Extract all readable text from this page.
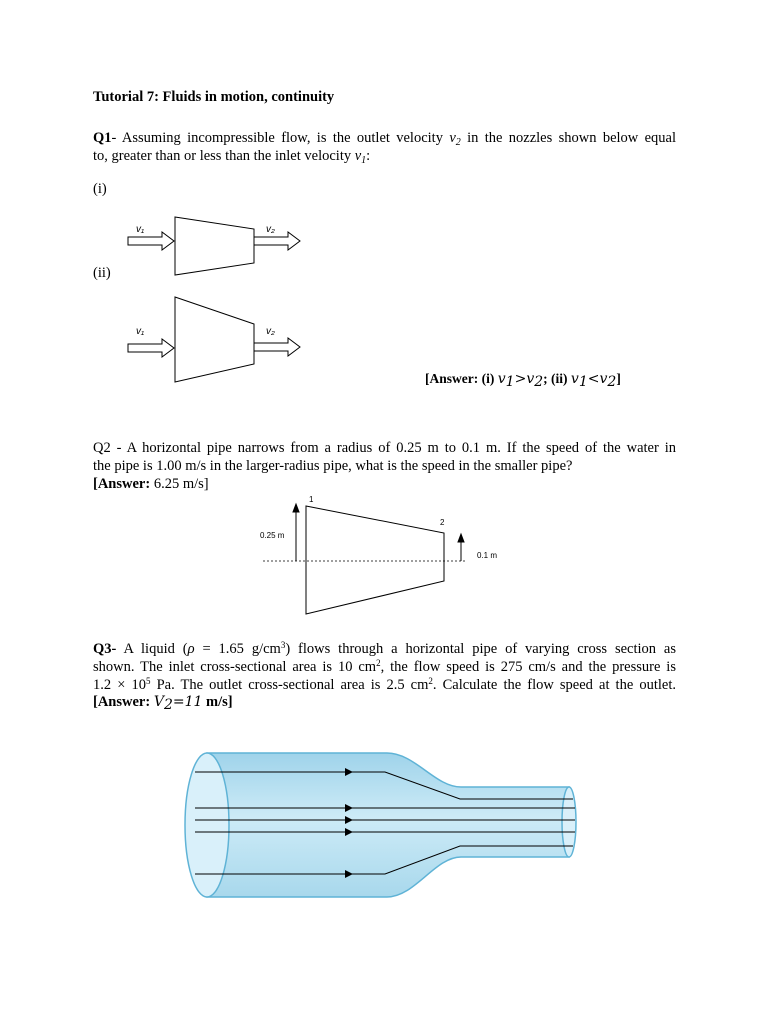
Tutorial 7: Fluids in motion, continuity
Q1- Assuming incompressible flow, is the outlet velocity $v_2$ in the nozzles shown below equal
to, greater than or less than the inlet velocity $v_1$:
(i)
v₁	v₂
(ii)
v₁	v₂
[Answer: (i) $v_1>v_2$; (ii) $v_1<v_2$]
Q2 - A horizontal pipe narrows from a radius of 0.25 m to 0.1 m. If the speed of the water in
the pipe is 1.00 m/s in the larger-radius pipe, what is the speed in the smaller pipe?
[Answer: 6.25 m/s]
1
2
0.25 m
0.1 m
Q3- A liquid (ρ = 1.65 $g/cm^3$) flows through a horizontal pipe of varying cross section as
shown. The inlet cross-sectional area is 10 $cm^2$, the flow speed is 275 cm/s and the pressure is
$1.2 \times 10^5$ Pa. The outlet cross-sectional area is 2.5 $cm^2$. Calculate the flow speed at the outlet.
[Answer: $V_2=11$ m/s]
